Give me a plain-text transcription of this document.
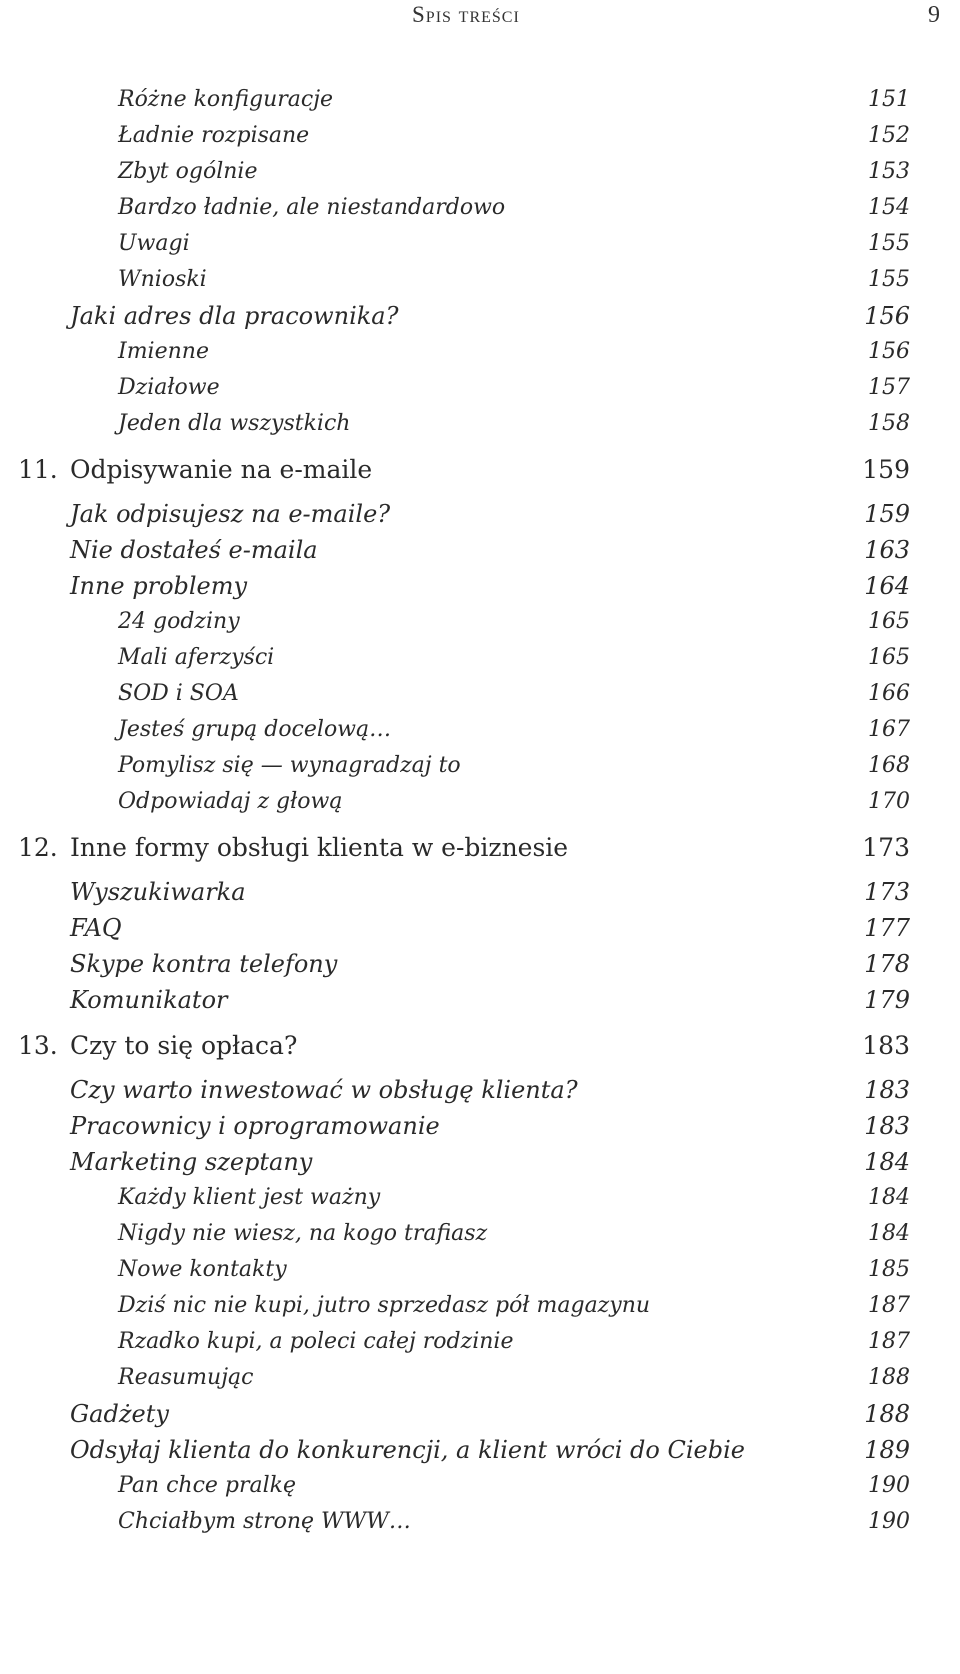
Spis treści	9
Różne konfiguracje	151
Ładnie rozpisane	152
Zbyt ogólnie	153
Bardzo ładnie, ale niestandardowo	154
Uwagi	155
Wnioski	155
Jaki adres dla pracownika?	156
Imienne	156
Działowe	157
Jeden dla wszystkich	158
11. Odpisywanie na e-maile	159
Jak odpisujesz na e-maile?	159
Nie dostałeś e-maila	163
Inne problemy	164
24 godziny	165
Mali aferzyści	165
SOD i SOA	166
Jesteś grupą docelową…	167
Pomylisz się — wynagradzaj to	168
Odpowiadaj z głową	170
12. Inne formy obsługi klienta w e-biznesie	173
Wyszukiwarka	173
FAQ	177
Skype kontra telefony	178
Komunikator	179
13. Czy to się opłaca?	183
Czy warto inwestować w obsługę klienta?	183
Pracownicy i oprogramowanie	183
Marketing szeptany	184
Każdy klient jest ważny	184
Nigdy nie wiesz, na kogo trafiasz	184
Nowe kontakty	185
Dziś nic nie kupi, jutro sprzedasz pół magazynu	187
Rzadko kupi, a poleci całej rodzinie	187
Reasumując	188
Gadżety	188
Odsyłaj klienta do konkurencji, a klient wróci do Ciebie	189
Pan chce pralkę	190
Chciałbym stronę WWW…	190
